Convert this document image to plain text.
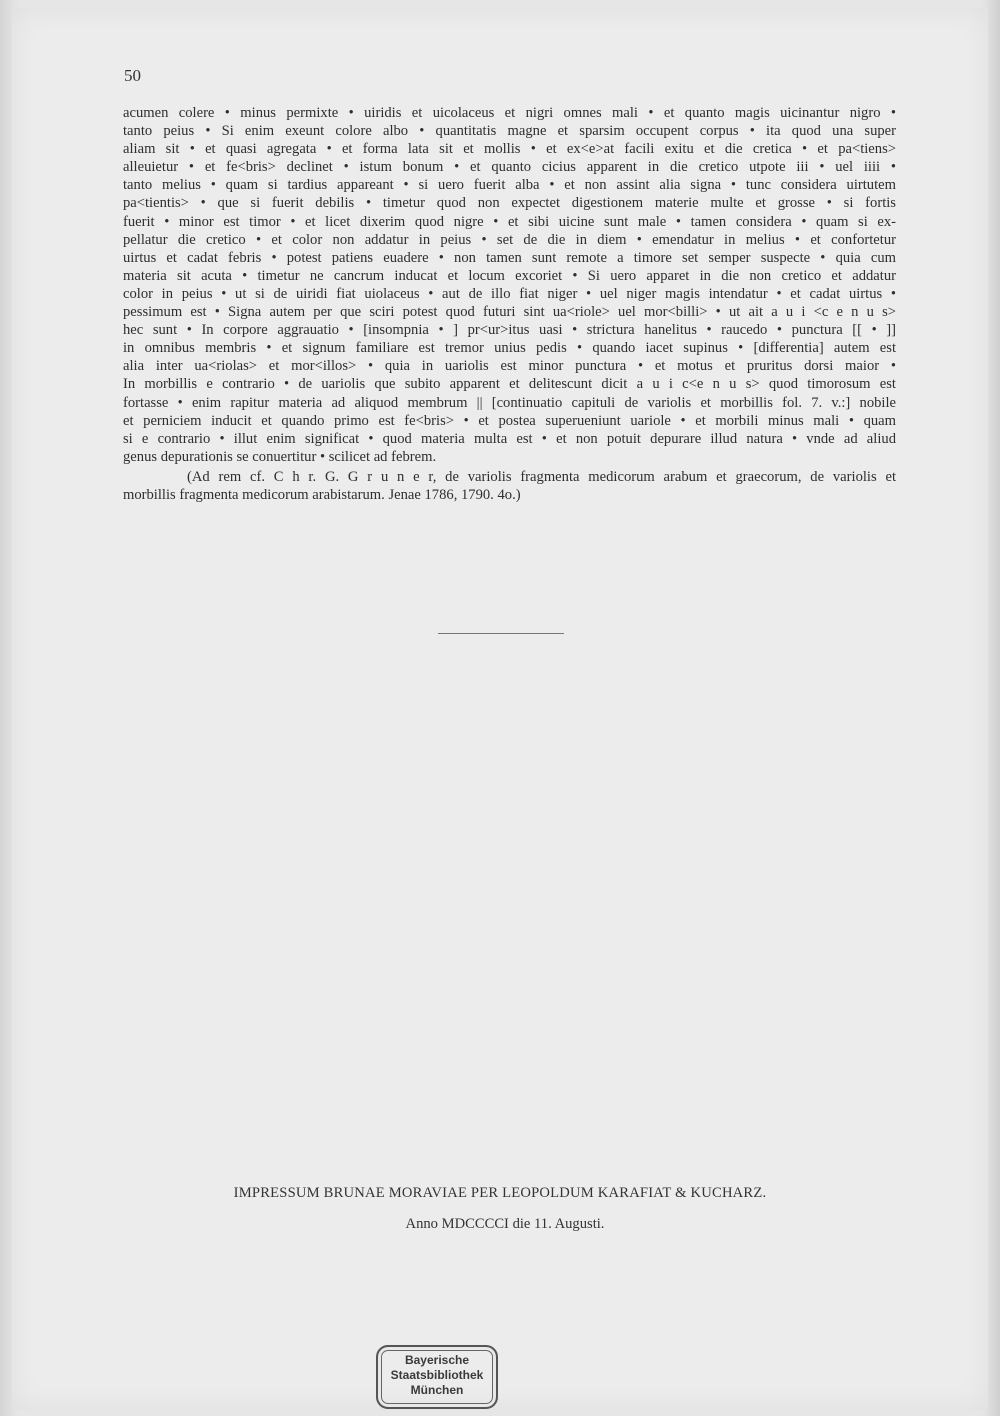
50
acumen colere • minus permixte • uiridis et uicolaceus et nigri omnes mali • et quanto magis uicinantur nigro •
tanto peius • Si enim exeunt colore albo • quantitatis magne et sparsim occupent corpus • ita quod una super
aliam sit • et quasi agregata • et forma lata sit et mollis • et ex<e>at facili exitu et die cretica • et pa<tiens>
alleuietur • et fe<bris> declinet • istum bonum • et quanto cicius apparent in die cretico utpote iii • uel iiii •
tanto melius • quam si tardius appareant • si uero fuerit alba • et non assint alia signa • tunc considera uirtutem
pa<tientis> • que si fuerit debilis • timetur quod non expectet digestionem materie multe et grosse • si fortis
fuerit • minor est timor • et licet dixerim quod nigre • et sibi uicine sunt male • tamen considera • quam si ex-
pellatur die cretico • et color non addatur in peius • set de die in diem • emendatur in melius • et confortetur
uirtus et cadat febris • potest patiens euadere • non tamen sunt remote a timore set semper suspecte • quia cum
materia sit acuta • timetur ne cancrum inducat et locum excoriet • Si uero apparet in die non cretico et addatur
color in peius • ut si de uiridi fiat uiolaceus • aut de illo fiat niger • uel niger magis intendatur • et cadat uirtus •
pessimum est • Signa autem per que sciri potest quod futuri sint ua<riole> uel mor<billi> • ut ait a u i <c e n u s>
hec sunt • In corpore aggrauatio • [insompnia • ] pr<ur>itus uasi • strictura hanelitus • raucedo • punctura [[ • ]]
in omnibus membris • et signum familiare est tremor unius pedis • quando iacet supinus • [differentia] autem est
alia inter ua<riolas> et mor<illos> • quia in uariolis est minor punctura • et motus et pruritus dorsi maior •
In morbillis e contrario • de uariolis que subito apparent et delitescunt dicit a u i c<e n u s> quod timorosum est
fortasse • enim rapitur materia ad aliquod membrum || [continuatio capituli de variolis et morbillis fol. 7. v.:] nobile
et perniciem inducit et quando primo est fe<bris> • et postea superueniunt uariole • et morbili minus mali • quam
si e contrario • illut enim significat • quod materia multa est • et non potuit depurare illud natura • vnde ad aliud
genus depurationis se conuertitur • scilicet ad febrem.
(Ad rem cf. C h r. G. G r u n e r, de variolis fragmenta medicorum arabum et graecorum, de variolis et
morbillis fragmenta medicorum arabistarum. Jenae 1786, 1790. 4o.)
IMPRESSUM BRUNAE MORAVIAE PER LEOPOLDUM KARAFIAT & KUCHARZ.
Anno MDCCCCI die 11. Augusti.
Bayerische
Staatsbibliothek
München
